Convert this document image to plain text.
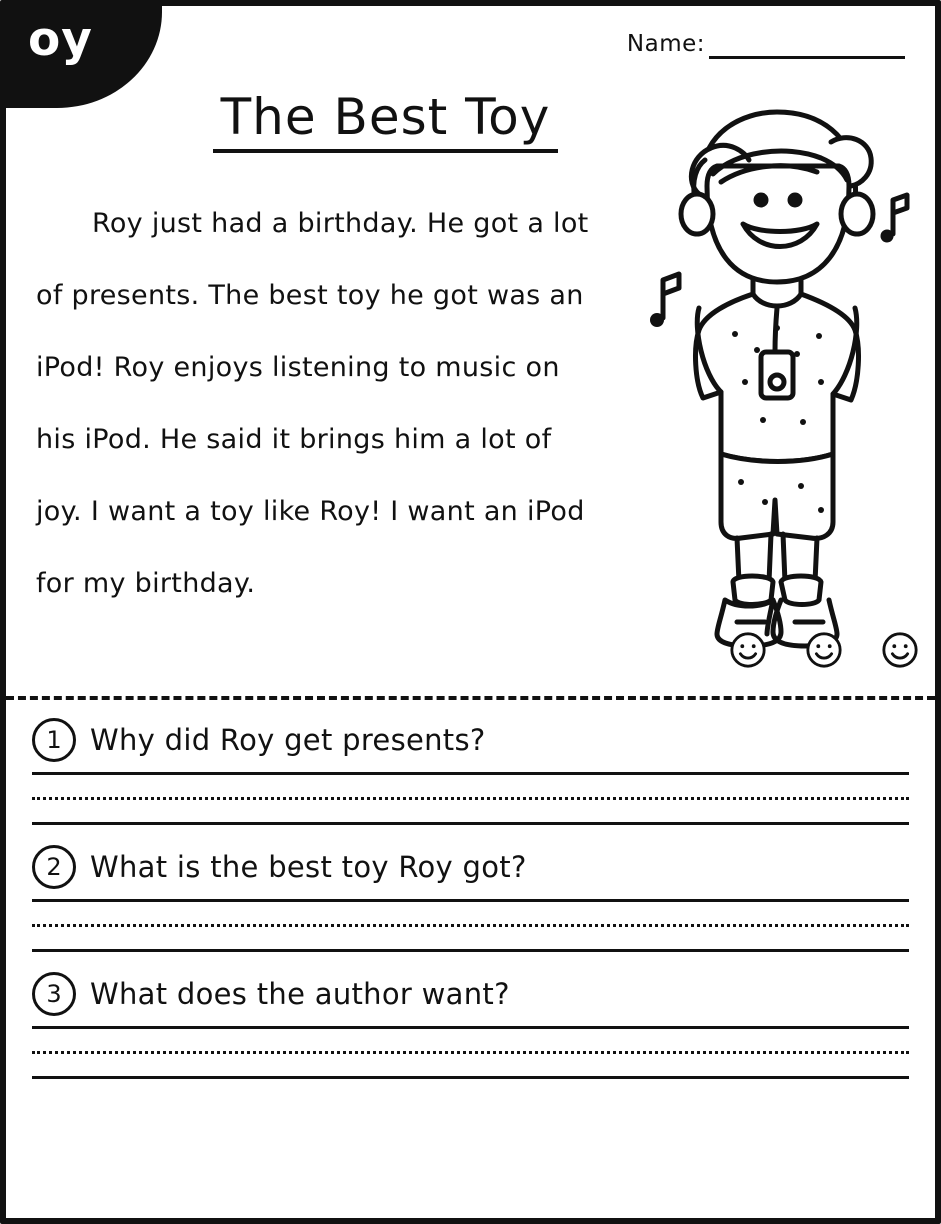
oy	Name:
The Best Toy

Roy just had a birthday. He got a lot of presents. The best toy he got was an iPod! Roy enjoys listening to music on his iPod. He said it brings him a lot of joy. I want a toy like Roy! I want an iPod for my birthday.

1 Why did Roy get presents?
2 What is the best toy Roy got?
3 What does the author want?
